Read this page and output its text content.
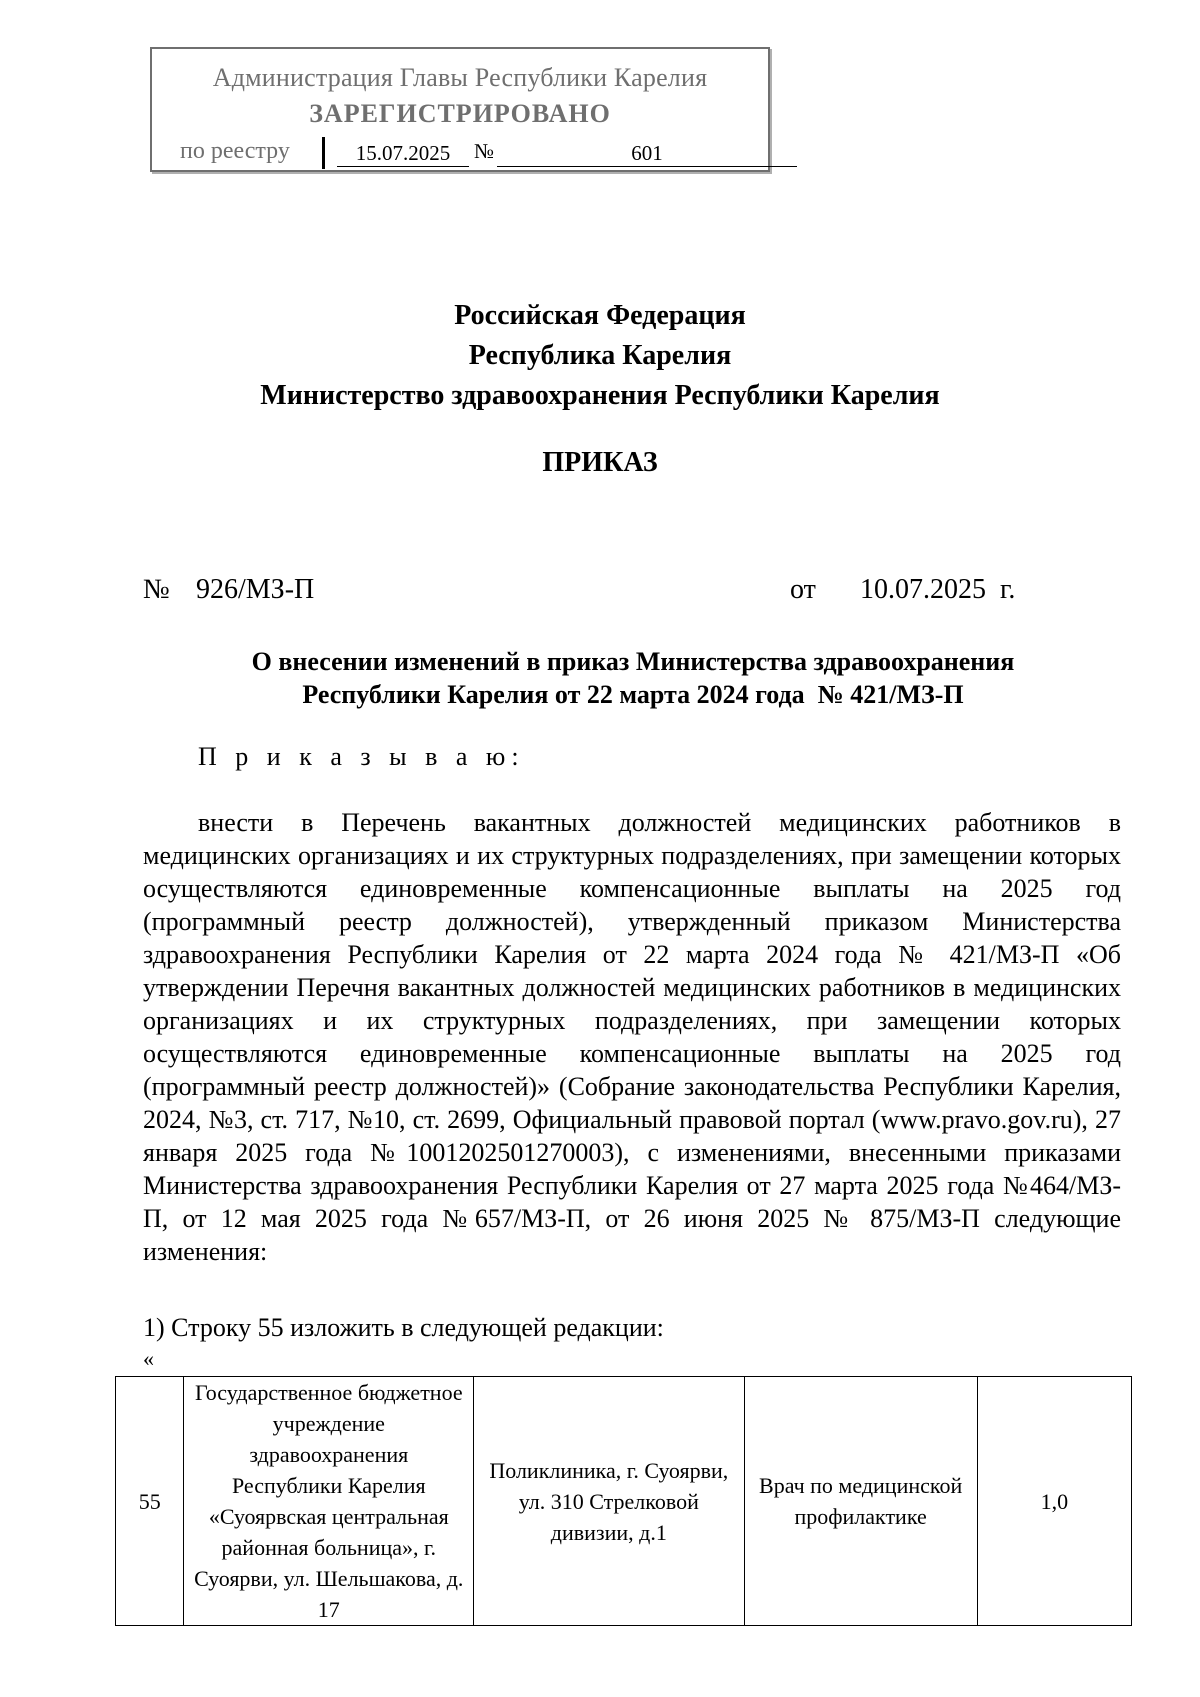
Администрация Главы Республики Карелия
ЗАРЕГИСТРИРОВАНО
по реестру	15.07.2025	№	601
Российская Федерация
Республика Карелия
Министерство здравоохранения Республики Карелия
ПРИКАЗ
№ 926/МЗ-П	от 10.07.2025  г.
О внесении изменений в приказ Министерства здравоохранения
Республики Карелия от 22 марта 2024 года  № 421/МЗ-П
П р и к а з ы в а ю:
внести в Перечень вакантных должностей медицинских работников в медицинских организациях и их структурных подразделениях, при замещении которых осуществляются единовременные компенсационные выплаты на 2025 год (программный реестр должностей), утвержденный приказом Министерства здравоохранения Республики Карелия от 22 марта 2024 года № 421/МЗ-П «Об утверждении Перечня вакантных должностей медицинских работников в медицинских организациях и их структурных подразделениях, при замещении которых осуществляются единовременные компенсационные выплаты на 2025 год (программный реестр должностей)» (Собрание законодательства Республики Карелия, 2024, №3, ст. 717, №10, ст. 2699, Официальный правовой портал (www.pravo.gov.ru), 27 января 2025 года №1001202501270003), с изменениями, внесенными приказами Министерства здравоохранения Республики Карелия от 27 марта 2025 года №464/МЗ-П, от 12 мая 2025 года №657/МЗ-П, от 26 июня 2025 № 875/МЗ-П следующие изменения:
1) Строку 55 изложить в следующей редакции:
«
55	Государственное бюджетное учреждение здравоохранения Республики Карелия «Суоярвская центральная районная больница», г. Суоярви, ул. Шельшакова, д. 17	Поликлиника, г. Суоярви, ул. 310 Стрелковой дивизии, д.1	Врач по медицинской профилактике	1,0
